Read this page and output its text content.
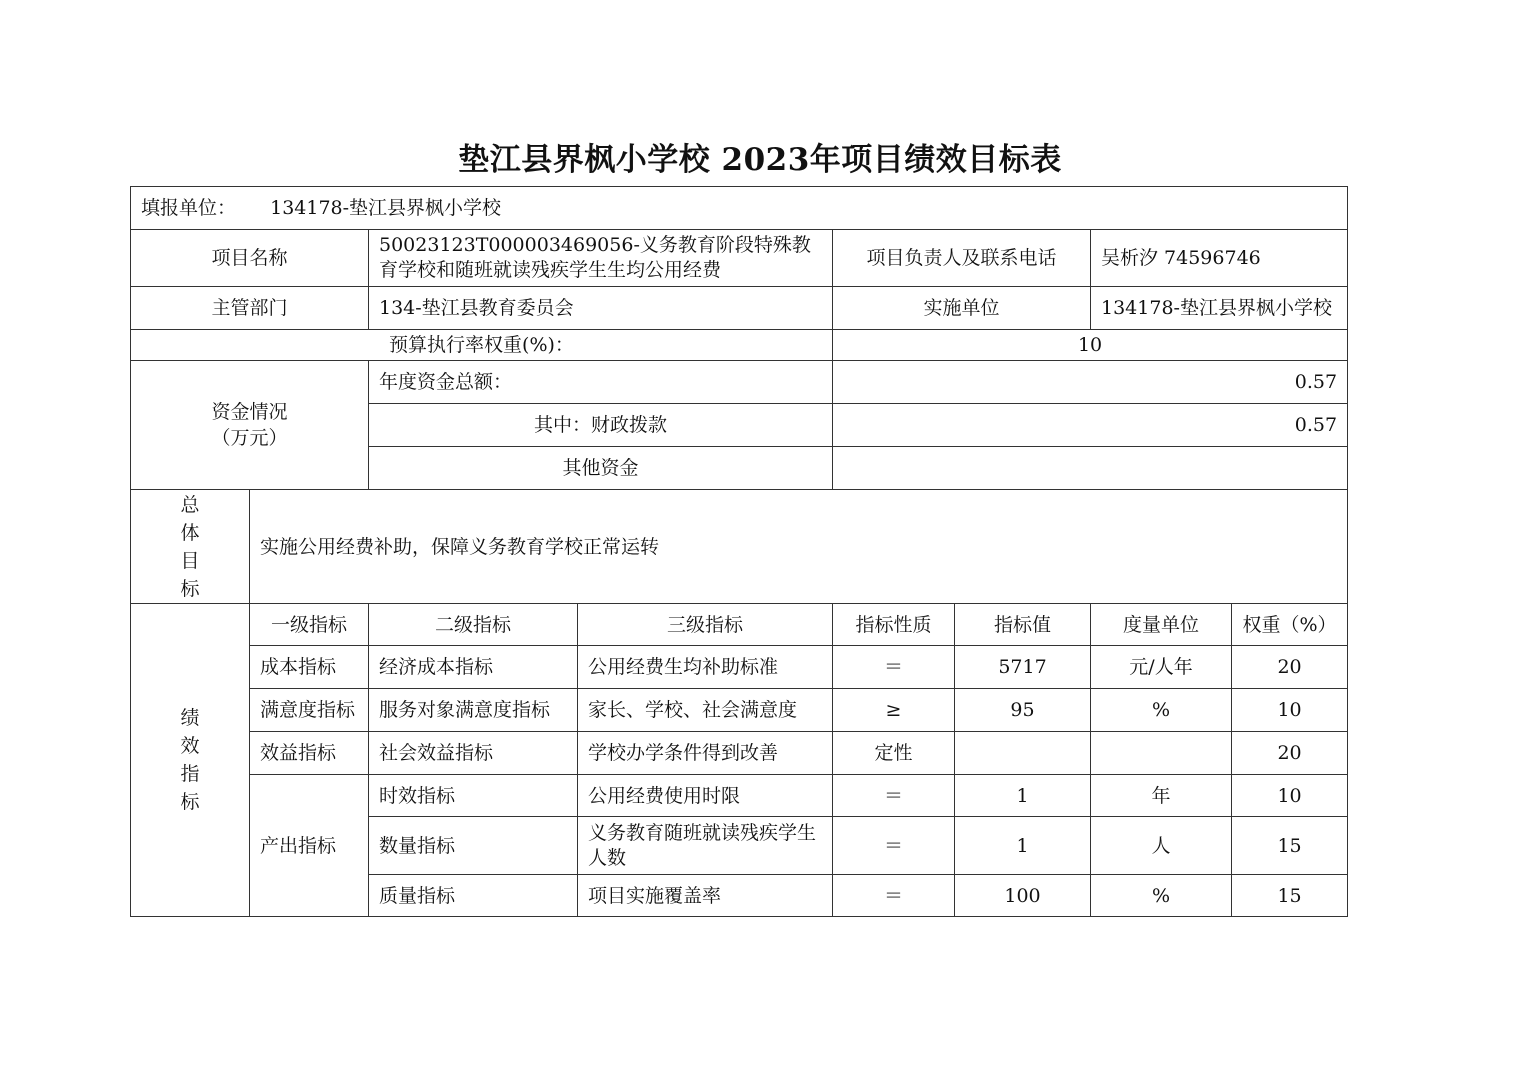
垫江县界枫小学校 2023年项目绩效目标表
填报单位： 134178-垫江县界枫小学校							
项目名称		50023123T000003469056-义务教育阶段特殊教育学校和随班就读残疾学生生均公用经费		项目负责人及联系电话		吴析汐 74596746	
主管部门		134-垫江县教育委员会		实施单位		134178-垫江县界枫小学校	
预算执行率权重(%)：				10			
资金情况
（万元）		年度资金总额：		0.57			
		其中：财政拨款		0.57			
		其他资金					

总
体
目
标	实施公用经费补助，保障义务教育学校正常运转						

绩
效
指
标	一级指标	二级指标	三级指标	指标性质	指标值	度量单位	权重（%）
	成本指标	经济成本指标	公用经费生均补助标准	＝	5717	元/人年	20
	满意度指标	服务对象满意度指标	家长、学校、社会满意度	≥	95	%	10
	效益指标	社会效益指标	学校办学条件得到改善	定性			20
	产出指标	时效指标	公用经费使用时限	＝	1	年	10
		数量指标	义务教育随班就读残疾学生人数	＝	1	人	15
		质量指标	项目实施覆盖率	＝	100	%	15
